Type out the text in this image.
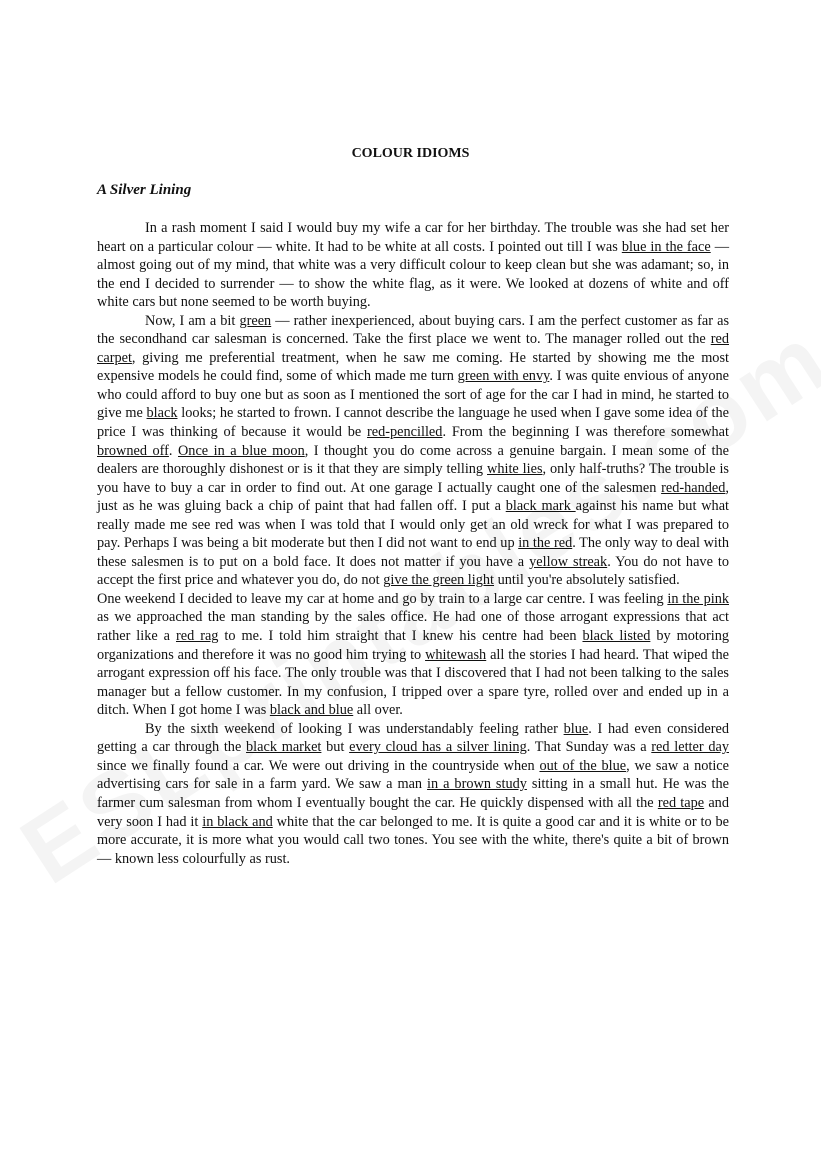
COLOUR IDIOMS
A Silver Lining

In a rash moment I said I would buy my wife a car for her birthday. The trouble was she had set her heart on a particular colour — white. It had to be white at all costs. I pointed out till I was blue in the face — almost going out of my mind, that white was a very difficult colour to keep clean but she was adamant; so, in the end I decided to surrender — to show the white flag, as it were. We looked at dozens of white and off white cars but none seemed to be worth buying.

Now, I am a bit green — rather inexperienced, about buying cars. I am the perfect customer as far as the secondhand car salesman is concerned. Take the first place we went to. The manager rolled out the red carpet, giving me preferential treatment, when he saw me coming. He started by showing me the most expensive models he could find, some of which made me turn green with envy. I was quite envious of anyone who could afford to buy one but as soon as I mentioned the sort of age for the car I had in mind, he started to give me black looks; he started to frown. I cannot describe the language he used when I gave some idea of the price I was thinking of because it would be red-pencilled. From the beginning I was therefore somewhat browned off. Once in a blue moon, I thought you do come across a genuine bargain. I mean some of the dealers are thoroughly dishonest or is it that they are simply telling white lies, only half-truths? The trouble is you have to buy a car in order to find out. At one garage I actually caught one of the salesmen red-handed, just as he was gluing back a chip of paint that had fallen off. I put a black mark against his name but what really made me see red was when I was told that I would only get an old wreck for what I was prepared to pay. Perhaps I was being a bit moderate but then I did not want to end up in the red. The only way to deal with these salesmen is to put on a bold face. It does not matter if you have a yellow streak. You do not have to accept the first price and whatever you do, do not give the green light until you're absolutely satisfied.

One weekend I decided to leave my car at home and go by train to a large car centre. I was feeling in the pink as we approached the man standing by the sales office. He had one of those arrogant expressions that act rather like a red rag to me. I told him straight that I knew his centre had been black listed by motoring organizations and therefore it was no good him trying to whitewash all the stories I had heard. That wiped the arrogant expression off his face. The only trouble was that I discovered that I had not been talking to the sales manager but a fellow customer. In my confusion, I tripped over a spare tyre, rolled over and ended up in a ditch. When I got home I was black and blue all over.

By the sixth weekend of looking I was understandably feeling rather blue. I had even considered getting a car through the black market but every cloud has a silver lining. That Sunday was a red letter day since we finally found a car. We were out driving in the countryside when out of the blue, we saw a notice advertising cars for sale in a farm yard. We saw a man in a brown study sitting in a small hut. He was the farmer cum salesman from whom I eventually bought the car. He quickly dispensed with all the red tape and very soon I had it in black and white that the car belonged to me. It is quite a good car and it is white or to be more accurate, it is more what you would call two tones. You see with the white, there's quite a bit of brown — known less colourfully as rust.
